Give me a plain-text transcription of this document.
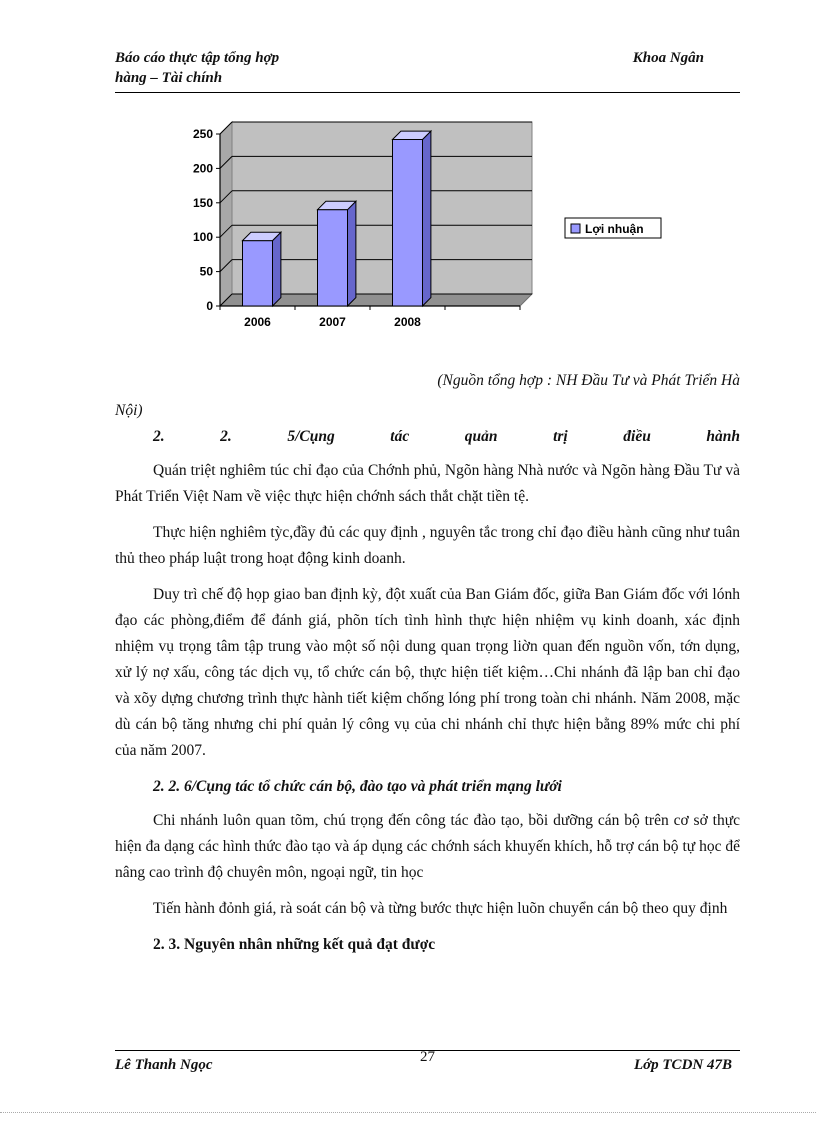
Báo cáo thực tập tổng hợp
hàng – Tài chính
Khoa Ngân
0
50
100
150
200
250
2006	2007	2008
Lợi nhuận
(Nguồn tổng hợp : NH Đầu Tư và Phát Triển Hà
Nội)
2. 2. 5/Cụng tác quản trị điều hành

Quán triệt nghiêm túc chỉ đạo của Chớnh phủ, Ngõn hàng Nhà nước và Ngõn hàng Đầu Tư và Phát Triển Việt Nam về việc thực hiện chớnh sách thắt chặt tiền tệ.

Thực hiện nghiêm tỳc,đầy đủ các quy định , nguyên tắc trong chỉ đạo điều hành cũng như tuân thủ theo pháp luật trong hoạt động kinh doanh.

Duy trì chế độ họp giao ban định kỳ, đột xuất của Ban Giám đốc, giữa Ban Giám đốc với lónh đạo các phòng,điểm để đánh giá, phõn tích tình hình thực hiện nhiệm vụ kinh doanh, xác định nhiệm vụ trọng tâm tập trung vào một số nội dung quan trọng liờn quan đến nguồn vốn, tớn dụng, xử lý nợ xấu, công tác dịch vụ, tổ chức cán bộ, thực hiện tiết kiệm…Chi nhánh đã lập ban chỉ đạo và xõy dựng chương trình thực hành tiết kiệm chống lóng phí trong toàn chi nhánh. Năm 2008, mặc dù cán bộ tăng nhưng chi phí quản lý công vụ của chi nhánh chỉ thực hiện bằng 89% mức chi phí của năm 2007.

2. 2. 6/Cụng tác tổ chức cán bộ, đào tạo và phát triển mạng lưới

Chi nhánh luôn quan tõm, chú trọng đến công tác đào tạo, bồi dưỡng cán bộ trên cơ sở thực hiện đa dạng các hình thức đào tạo và áp dụng các chớnh sách khuyến khích, hỗ trợ cán bộ tự học để nâng cao trình độ chuyên môn, ngoại ngữ, tin học

Tiến hành đỏnh giá, rà soát cán bộ và từng bước thực hiện luõn chuyển cán bộ theo quy định

2. 3. Nguyên nhân những kết quả đạt được
Lê Thanh Ngọc	27	Lớp TCDN 47B
